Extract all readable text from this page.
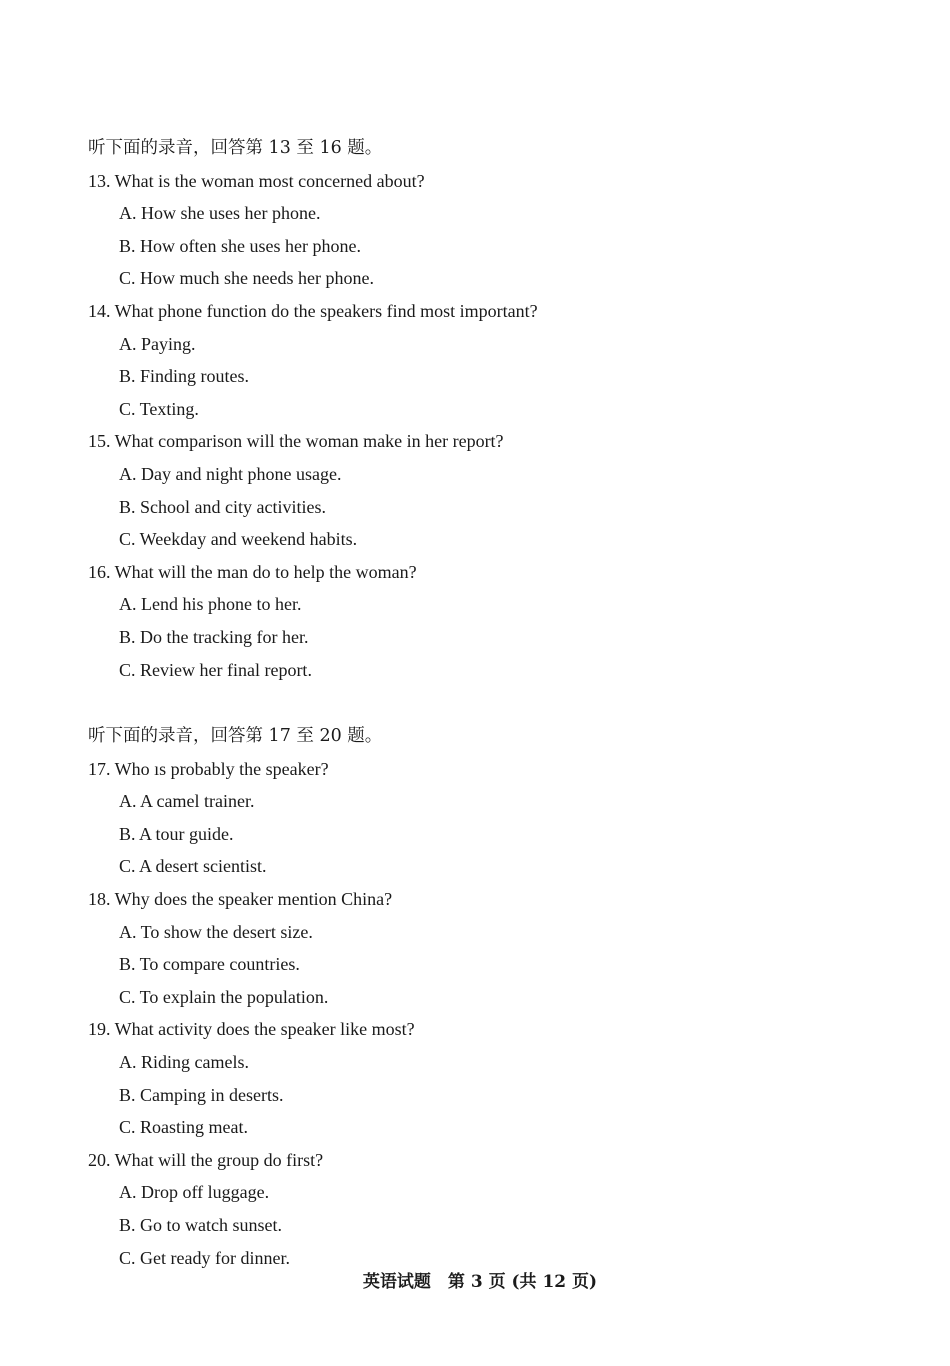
听下面的录音，回答第 13 至 16 题。
13. What is the woman most concerned about?
A. How she uses her phone.
B. How often she uses her phone.
C. How much she needs her phone.
14. What phone function do the speakers find most important?
A. Paying.
B. Finding routes.
C. Texting.
15. What comparison will the woman make in her report?
A. Day and night phone usage.
B. School and city activities.
C. Weekday and weekend habits.
16. What will the man do to help the woman?
A. Lend his phone to her.
B. Do the tracking for her.
C. Review her final report.
听下面的录音，回答第 17 至 20 题。
17. Who ıs probably the speaker?
A. A camel trainer.
B. A tour guide.
C. A desert scientist.
18. Why does the speaker mention China?
A. To show the desert size.
B. To compare countries.
C. To explain the population.
19. What activity does the speaker like most?
A. Riding camels.
B. Camping in deserts.
C. Roasting meat.
20. What will the group do first?
A. Drop off luggage.
B. Go to watch sunset.
C. Get ready for dinner.
英语试题　第 3 页 (共 12 页)
